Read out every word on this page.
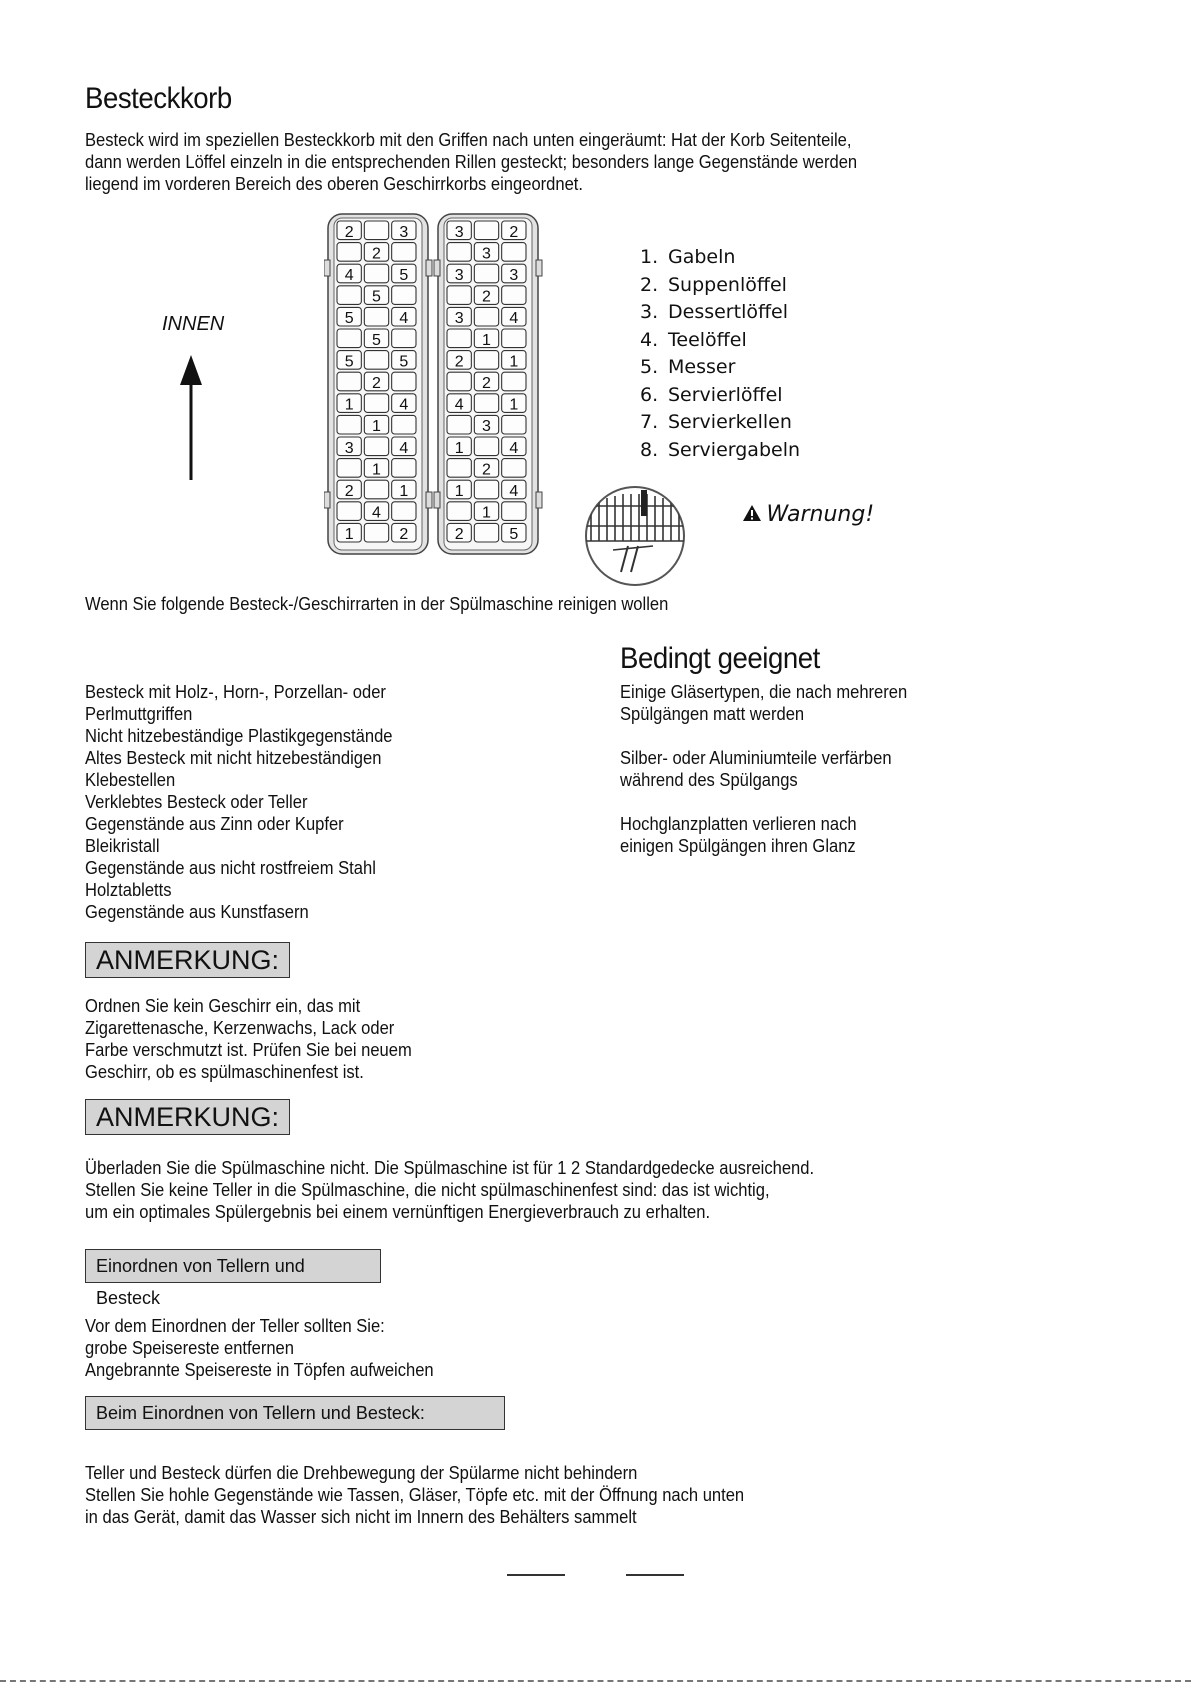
Besteckkorb
Besteck wird im speziellen Besteckkorb mit den Griffen nach unten eingeräumt: Hat der Korb Seitenteile,
dann werden Löffel einzeln in die entsprechenden Rillen gesteckt; besonders lange Gegenstände werden
liegend im vorderen Bereich des oberen Geschirrkorbs eingeordnet.
INNEN
2	3
2
4	5
5
5	4
5
5	5
2
1	4
1
3	4
1
2	1
4
1	2
3	2
3
3	3
2
3	4
1
2	1
2
4	1
3
1	4
2
1	4
1
2	5
1. Gabeln
2. Suppenlöffel
3. Dessertlöffel
4. Teelöffel
5. Messer
6. Servierlöffel
7. Servierkellen
8. Serviergabeln
Warnung!
Wenn Sie folgende Besteck-/Geschirrarten in der Spülmaschine reinigen wollen
Besteck mit Holz-, Horn-, Porzellan- oder
Perlmuttgriffen
Nicht hitzebeständige Plastikgegenstände
Altes Besteck mit nicht hitzebeständigen
Klebestellen
Verklebtes Besteck oder Teller
Gegenstände aus Zinn oder Kupfer
Bleikristall
Gegenstände aus nicht rostfreiem Stahl
Holztabletts
Gegenstände aus Kunstfasern
Bedingt geeignet
Einige Gläsertypen, die nach mehreren
Spülgängen matt werden

Silber- oder Aluminiumteile verfärben
während des Spülgangs

Hochglanzplatten verlieren nach
einigen Spülgängen ihren Glanz
ANMERKUNG:
Ordnen Sie kein Geschirr ein, das mit
Zigarettenasche, Kerzenwachs, Lack oder
Farbe verschmutzt ist. Prüfen Sie bei neuem
Geschirr, ob es spülmaschinenfest ist.
ANMERKUNG:
Überladen Sie die Spülmaschine nicht. Die Spülmaschine ist für 1 2 Standardgedecke ausreichend.
Stellen Sie keine Teller in die Spülmaschine, die nicht spülmaschinenfest sind: das ist wichtig,
um ein optimales Spülergebnis bei einem vernünftigen Energieverbrauch zu erhalten.
Einordnen von Tellern und Besteck
Vor dem Einordnen der Teller sollten Sie:
grobe Speisereste entfernen
Angebrannte Speisereste in Töpfen aufweichen
Beim Einordnen von Tellern und Besteck:
Teller und Besteck dürfen die Drehbewegung der Spülarme nicht behindern
Stellen Sie hohle Gegenstände wie Tassen, Gläser, Töpfe etc. mit der Öffnung nach unten
in das Gerät, damit das Wasser sich nicht im Innern des Behälters sammelt
